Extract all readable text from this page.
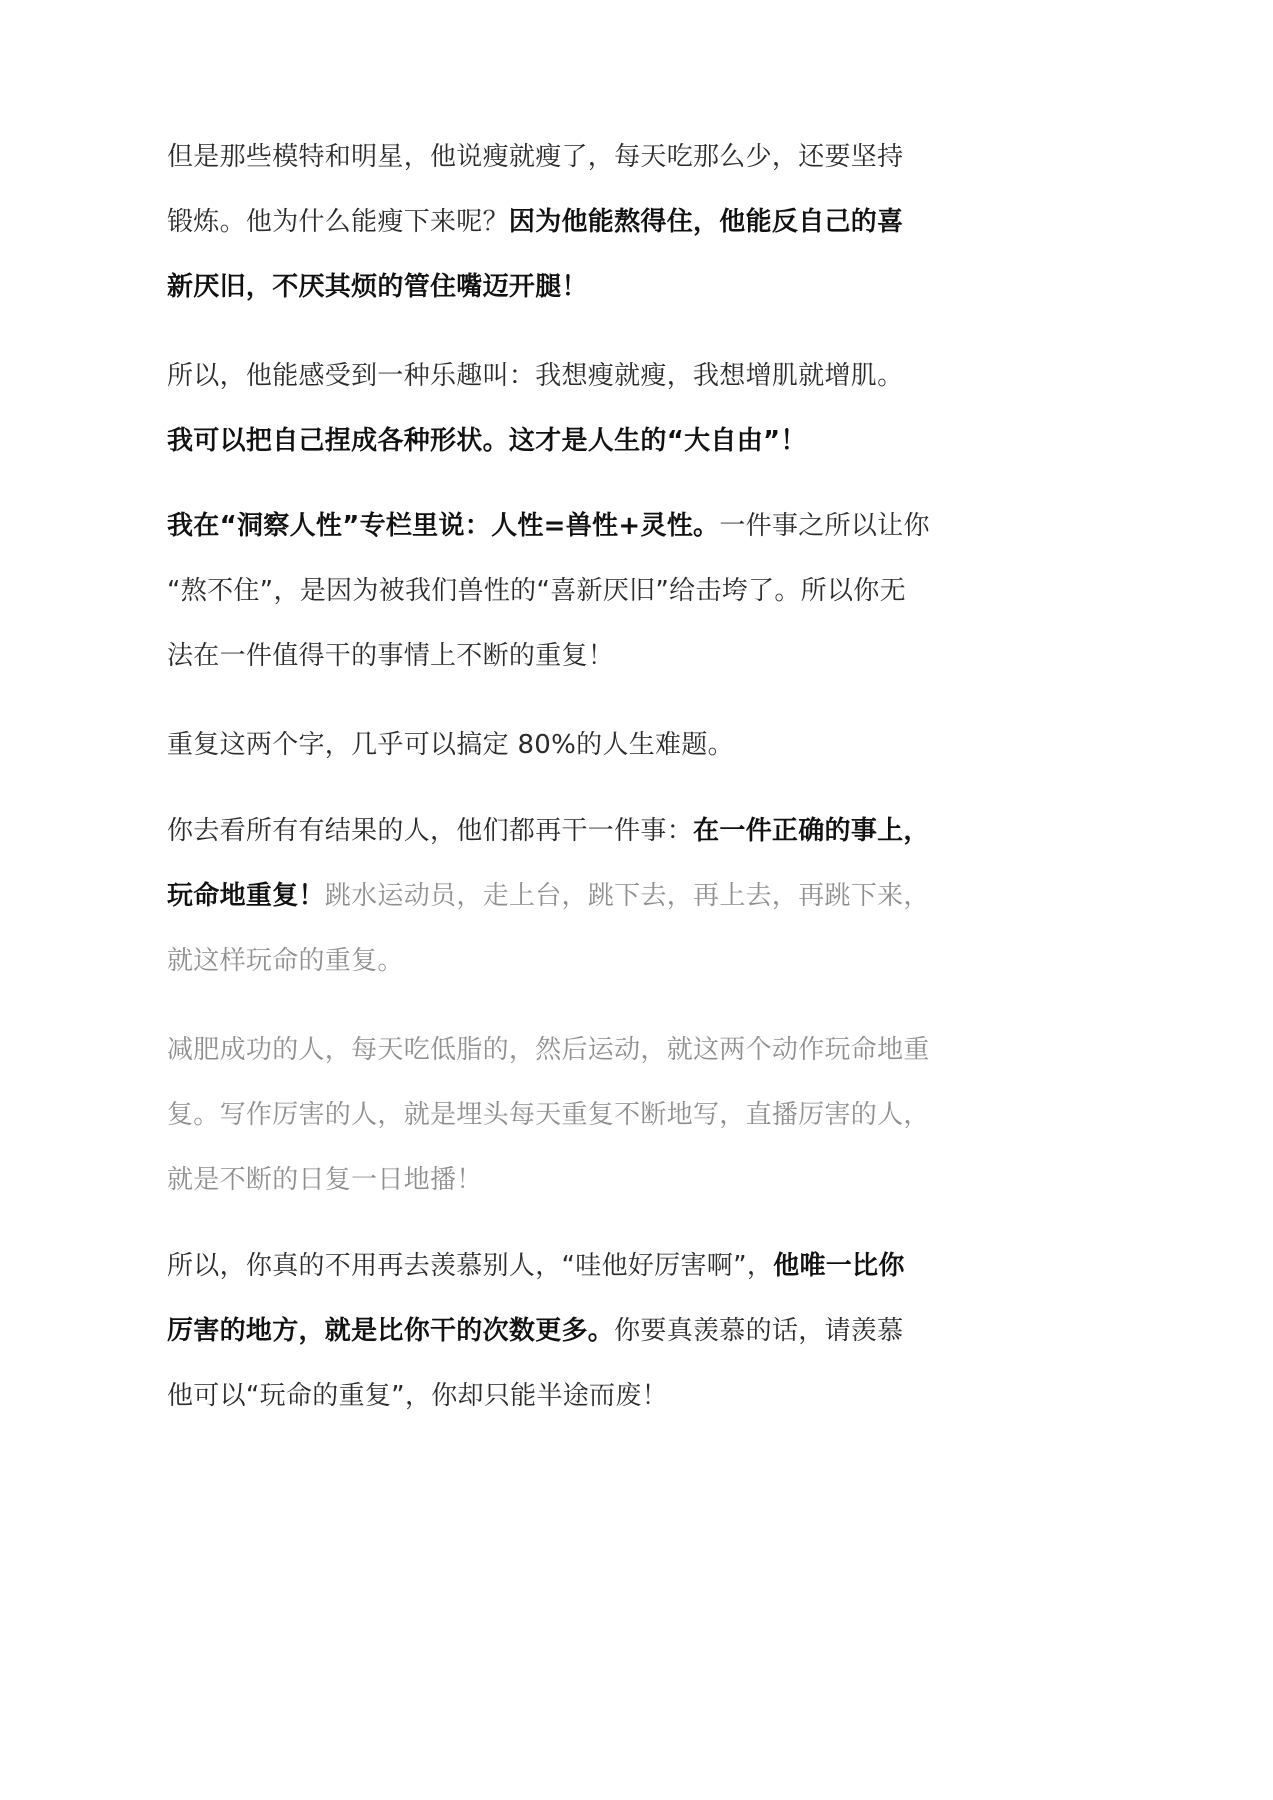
但是那些模特和明星，他说瘦就瘦了，每天吃那么少，还要坚持
锻炼。他为什么能瘦下来呢？因为他能熬得住，他能反自己的喜
新厌旧，不厌其烦的管住嘴迈开腿！
所以，他能感受到一种乐趣叫：我想瘦就瘦，我想增肌就增肌。
我可以把自己捏成各种形状。这才是人生的“大自由”！
我在“洞察人性”专栏里说：人性=兽性+灵性。一件事之所以让你
“熬不住”，是因为被我们兽性的“喜新厌旧”给击垮了。所以你无
法在一件值得干的事情上不断的重复！
重复这两个字，几乎可以搞定 80%的人生难题。
你去看所有有结果的人，他们都再干一件事：在一件正确的事上，
玩命地重复！跳水运动员，走上台，跳下去，再上去，再跳下来，
就这样玩命的重复。
减肥成功的人，每天吃低脂的，然后运动，就这两个动作玩命地重
复。写作厉害的人，就是埋头每天重复不断地写，直播厉害的人，
就是不断的日复一日地播！
所以，你真的不用再去羡慕别人，“哇他好厉害啊”，他唯一比你
厉害的地方，就是比你干的次数更多。你要真羡慕的话，请羡慕
他可以“玩命的重复”，你却只能半途而废！
